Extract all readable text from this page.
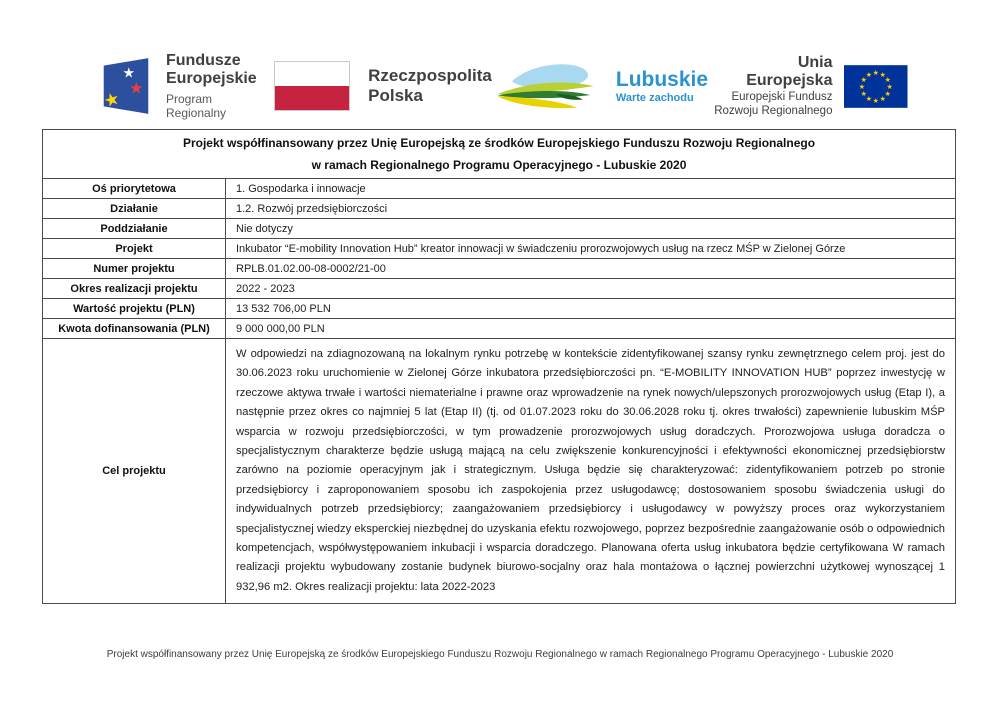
★
★
★
Fundusze
Europejskie
Program Regionalny
Rzeczpospolita
Polska
Lubuskie
Warte zachodu
Unia Europejska
Europejski Fundusz
Rozwoju Regionalnego
★ ★
★
★
★
★
★
★
★
★
★
★
Projekt współfinansowany przez Unię Europejską ze środków Europejskiego Funduszu Rozwoju Regionalnego
w ramach Regionalnego Programu Operacyjnego - Lubuskie 2020	

Oś priorytetowa	1. Gospodarka i innowacje
Działanie	1.2. Rozwój przedsiębiorczości
Poddziałanie	Nie dotyczy
Projekt	Inkubator “E-mobility Innovation Hub” kreator innowacji w świadczeniu prorozwojowych usług na rzecz MŚP w Zielonej Górze
Numer projektu	RPLB.01.02.00-08-0002/21-00
Okres realizacji projektu	2022 - 2023
Wartość projektu (PLN)	13 532 706,00 PLN
Kwota dofinansowania (PLN)	9 000 000,00 PLN
Cel projektu	W odpowiedzi na zdiagnozowaną na lokalnym rynku potrzebę w kontekście zidentyfikowanej szansy rynku zewnętrznego celem proj. jest do 30.06.2023 roku uruchomienie w Zielonej Górze inkubatora przedsiębiorczości pn. “E-MOBILITY INNOVATION HUB” poprzez inwestycję w rzeczowe aktywa trwałe i wartości niematerialne i prawne oraz wprowadzenie na rynek nowych/ulepszonych prorozwojowych usług (Etap I), a następnie przez okres co najmniej 5 lat (Etap II) (tj. od 01.07.2023 roku do 30.06.2028 roku tj. okres trwałości) zapewnienie lubuskim MŚP wsparcia w rozwoju przedsiębiorczości, w tym prowadzenie prorozwojowych usług doradczych. Prorozwojowa usługa doradcza o specjalistycznym charakterze będzie usługą mającą na celu zwiększenie konkurencyjności i efektywności ekonomicznej przedsiębiorstw zarówno na poziomie operacyjnym jak i strategicznym. Usługa będzie się charakteryzować: zidentyfikowaniem potrzeb po stronie przedsiębiorcy i zaproponowaniem sposobu ich zaspokojenia przez usługodawcę; dostosowaniem sposobu świadczenia usługi do indywidualnych potrzeb przedsiębiorcy; zaangażowaniem przedsiębiorcy i usługodawcy w powyższy proces oraz wykorzystaniem specjalistycznej wiedzy eksperckiej niezbędnej do uzyskania efektu rozwojowego, poprzez bezpośrednie zaangażowanie osób o odpowiednich kompetencjach, współwystępowaniem inkubacji i wsparcia doradczego. Planowana oferta usług inkubatora będzie certyfikowana W ramach realizacji projektu wybudowany zostanie budynek biurowo-socjalny oraz hala montażowa o łącznej powierzchni użytkowej wynoszącej 1 932,96 m2. Okres realizacji projektu: lata 2022-2023
Projekt współfinansowany przez Unię Europejską ze środków Europejskiego Funduszu Rozwoju Regionalnego w ramach Regionalnego Programu Operacyjnego - Lubuskie 2020
